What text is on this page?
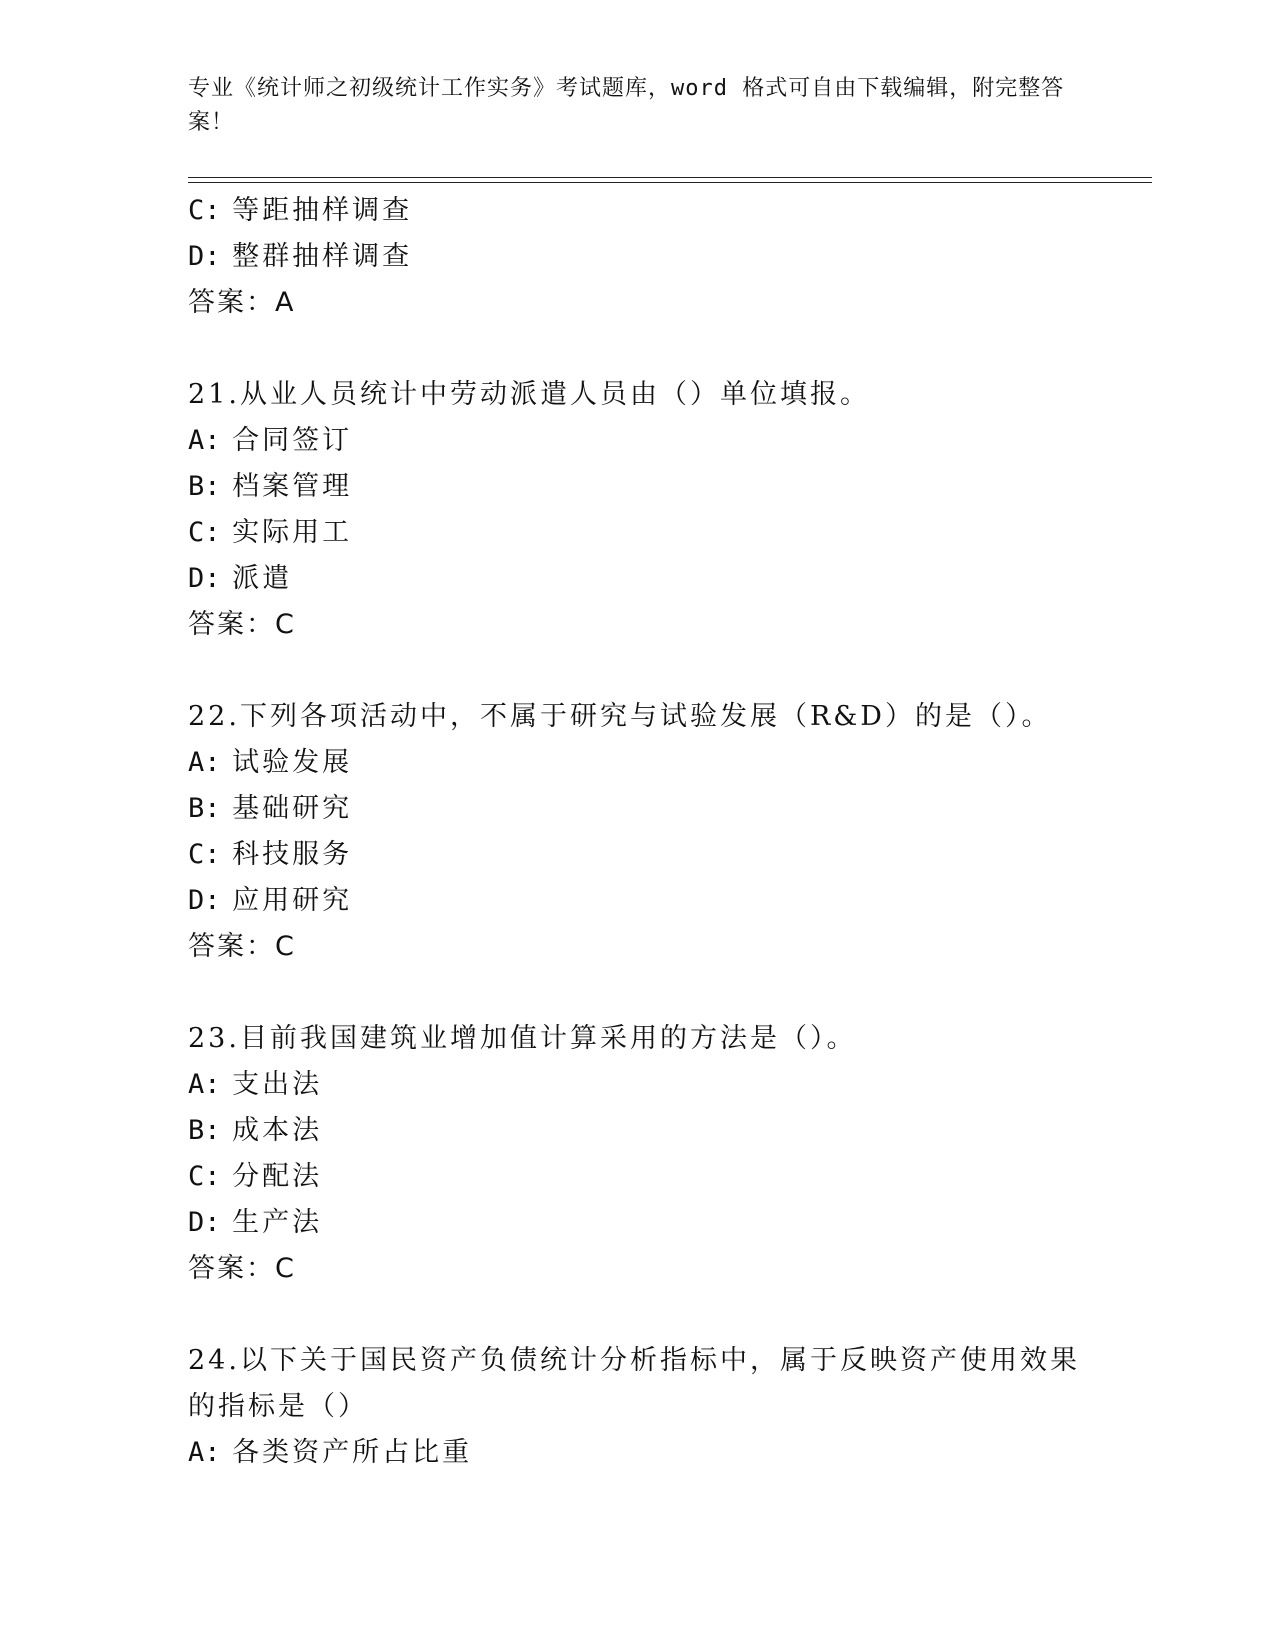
专业《统计师之初级统计工作实务》考试题库，word 格式可自由下载编辑，附完整答案！
C: 等距抽样调查
D: 整群抽样调查
答案：A
21.从业人员统计中劳动派遣人员由（）单位填报。
A: 合同签订
B: 档案管理
C: 实际用工
D: 派遣
答案：C
22.下列各项活动中，不属于研究与试验发展（R&D）的是（）。
A: 试验发展
B: 基础研究
C: 科技服务
D: 应用研究
答案：C
23.目前我国建筑业增加值计算采用的方法是（）。
A: 支出法
B: 成本法
C: 分配法
D: 生产法
答案：C
24.以下关于国民资产负债统计分析指标中，属于反映资产使用效果的指标是（）
A: 各类资产所占比重
